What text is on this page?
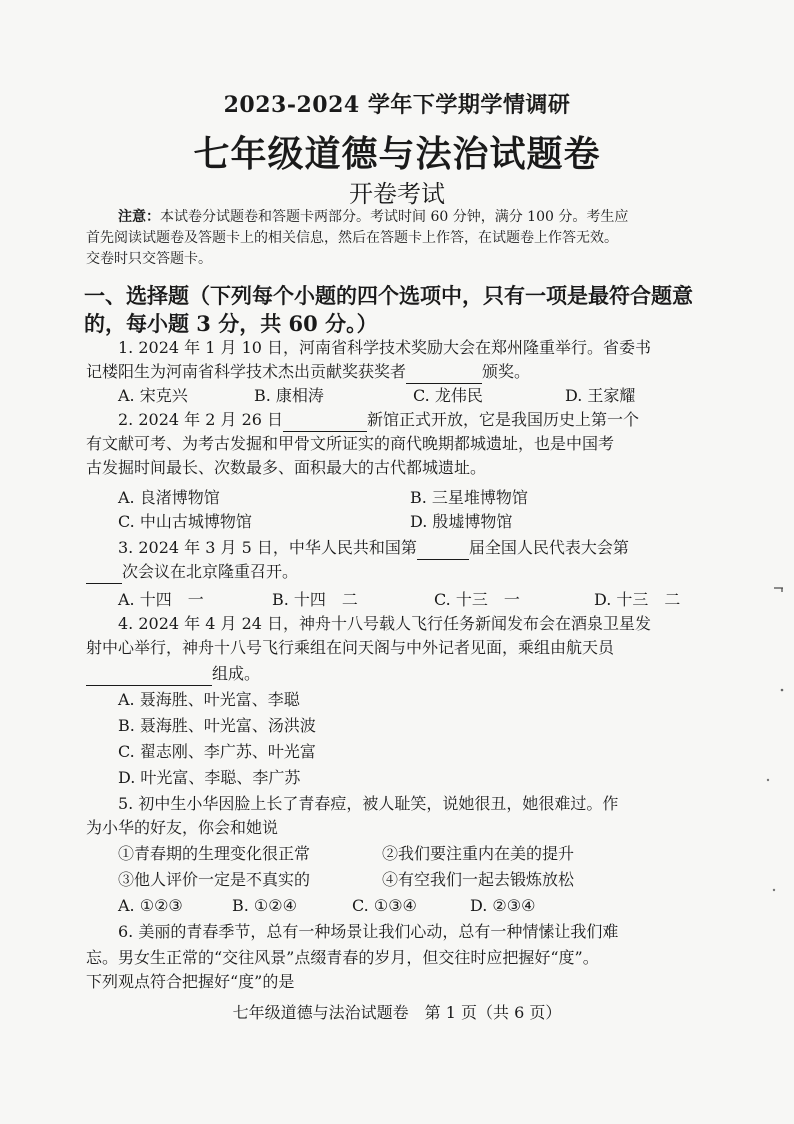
2023-2024 学年下学期学情调研
七年级道德与法治试题卷
开卷考试
注意：本试卷分试题卷和答题卡两部分。考试时间 60 分钟，满分 100 分。考生应
首先阅读试题卷及答题卡上的相关信息，然后在答题卡上作答，在试题卷上作答无效。
交卷时只交答题卡。
一、选择题（下列每个小题的四个选项中，只有一项是最符合题意
的，每小题 3 分，共 60 分。）
1. 2024 年 1 月 10 日，河南省科学技术奖励大会在郑州隆重举行。省委书
记楼阳生为河南省科学技术杰出贡献奖获奖者	颁奖。
A. 宋克兴	B. 康相涛	C. 龙伟民	D. 王家耀
2. 2024 年 2 月 26 日	新馆正式开放，它是我国历史上第一个
有文献可考、为考古发掘和甲骨文所证实的商代晚期都城遗址，也是中国考
古发掘时间最长、次数最多、面积最大的古代都城遗址。
A. 良渚博物馆	B. 三星堆博物馆
C. 中山古城博物馆	D. 殷墟博物馆
3. 2024 年 3 月 5 日，中华人民共和国第	届全国人民代表大会第
次会议在北京隆重召开。
A. 十四　一	B. 十四　二	C. 十三　一	D. 十三　二
4. 2024 年 4 月 24 日，神舟十八号载人飞行任务新闻发布会在酒泉卫星发
射中心举行，神舟十八号飞行乘组在问天阁与中外记者见面，乘组由航天员
组成。
A. 聂海胜、叶光富、李聪
B. 聂海胜、叶光富、汤洪波
C. 翟志刚、李广苏、叶光富
D. 叶光富、李聪、李广苏
5. 初中生小华因脸上长了青春痘，被人耻笑，说她很丑，她很难过。作
为小华的好友，你会和她说
①青春期的生理变化很正常	②我们要注重内在美的提升
③他人评价一定是不真实的	④有空我们一起去锻炼放松
A. ①②③	B. ①②④	C. ①③④	D. ②③④
6. 美丽的青春季节，总有一种场景让我们心动，总有一种情愫让我们难
忘。男女生正常的“交往风景”点缀青春的岁月，但交往时应把握好“度”。
下列观点符合把握好“度”的是
七年级道德与法治试题卷　第 1 页（共 6 页）
